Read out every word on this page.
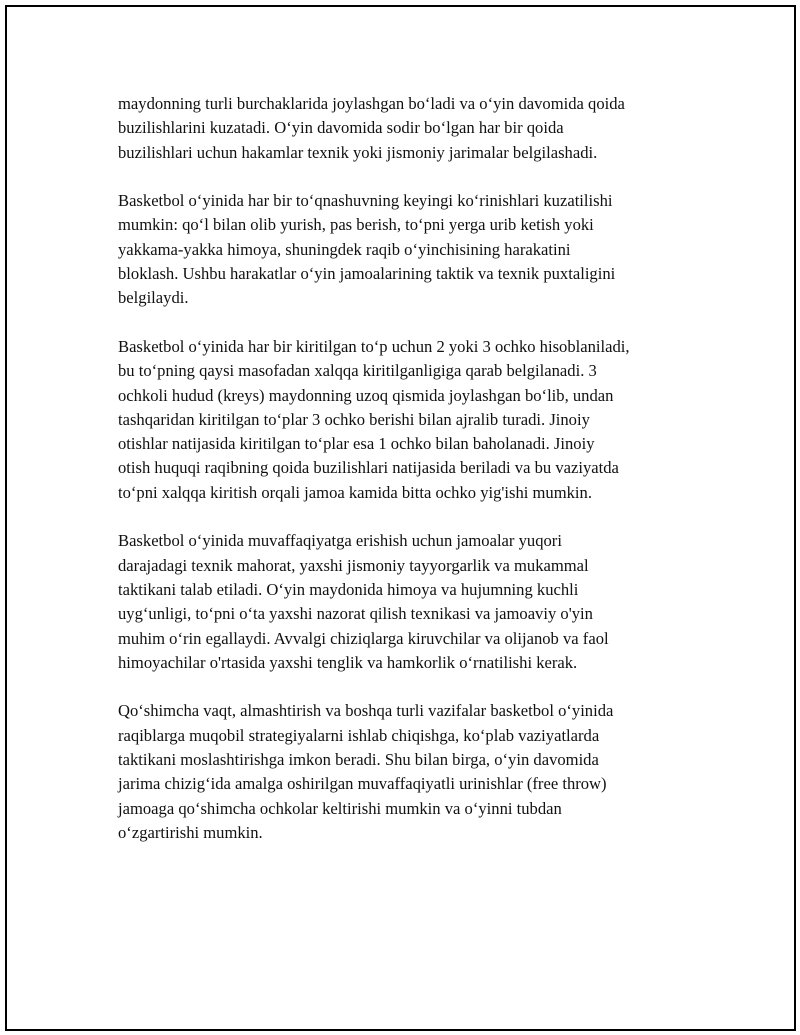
maydonning turli burchaklarida joylashgan bo‘ladi va o‘yin davomida qoida
buzilishlarini kuzatadi. O‘yin davomida sodir bo‘lgan har bir qoida
buzilishlari uchun hakamlar texnik yoki jismoniy jarimalar belgilashadi.

Basketbol o‘yinida har bir to‘qnashuvning keyingi ko‘rinishlari kuzatilishi
mumkin: qo‘l bilan olib yurish, pas berish, to‘pni yerga urib ketish yoki
yakkama-yakka himoya, shuningdek raqib o‘yinchisining harakatini
bloklash. Ushbu harakatlar o‘yin jamoalarining taktik va texnik puxtaligini
belgilaydi.

Basketbol o‘yinida har bir kiritilgan to‘p uchun 2 yoki 3 ochko hisoblaniladi,
bu to‘pning qaysi masofadan xalqqa kiritilganligiga qarab belgilanadi. 3
ochkoli hudud (kreys) maydonning uzoq qismida joylashgan bo‘lib, undan
tashqaridan kiritilgan to‘plar 3 ochko berishi bilan ajralib turadi. Jinoiy
otishlar natijasida kiritilgan to‘plar esa 1 ochko bilan baholanadi. Jinoiy
otish huquqi raqibning qoida buzilishlari natijasida beriladi va bu vaziyatda
to‘pni xalqqa kiritish orqali jamoa kamida bitta ochko yig'ishi mumkin.

Basketbol o‘yinida muvaffaqiyatga erishish uchun jamoalar yuqori
darajadagi texnik mahorat, yaxshi jismoniy tayyorgarlik va mukammal
taktikani talab etiladi. O‘yin maydonida himoya va hujumning kuchli
uyg‘unligi, to‘pni o‘ta yaxshi nazorat qilish texnikasi va jamoaviy o'yin
muhim o‘rin egallaydi. Avvalgi chiziqlarga kiruvchilar va olijanob va faol
himoyachilar o'rtasida yaxshi tenglik va hamkorlik o‘rnatilishi kerak.

Qo‘shimcha vaqt, almashtirish va boshqa turli vazifalar basketbol o‘yinida
raqiblarga muqobil strategiyalarni ishlab chiqishga, ko‘plab vaziyatlarda
taktikani moslashtirishga imkon beradi. Shu bilan birga, o‘yin davomida
jarima chizig‘ida amalga oshirilgan muvaffaqiyatli urinishlar (free throw)
jamoaga qo‘shimcha ochkolar keltirishi mumkin va o‘yinni tubdan
o‘zgartirishi mumkin.
